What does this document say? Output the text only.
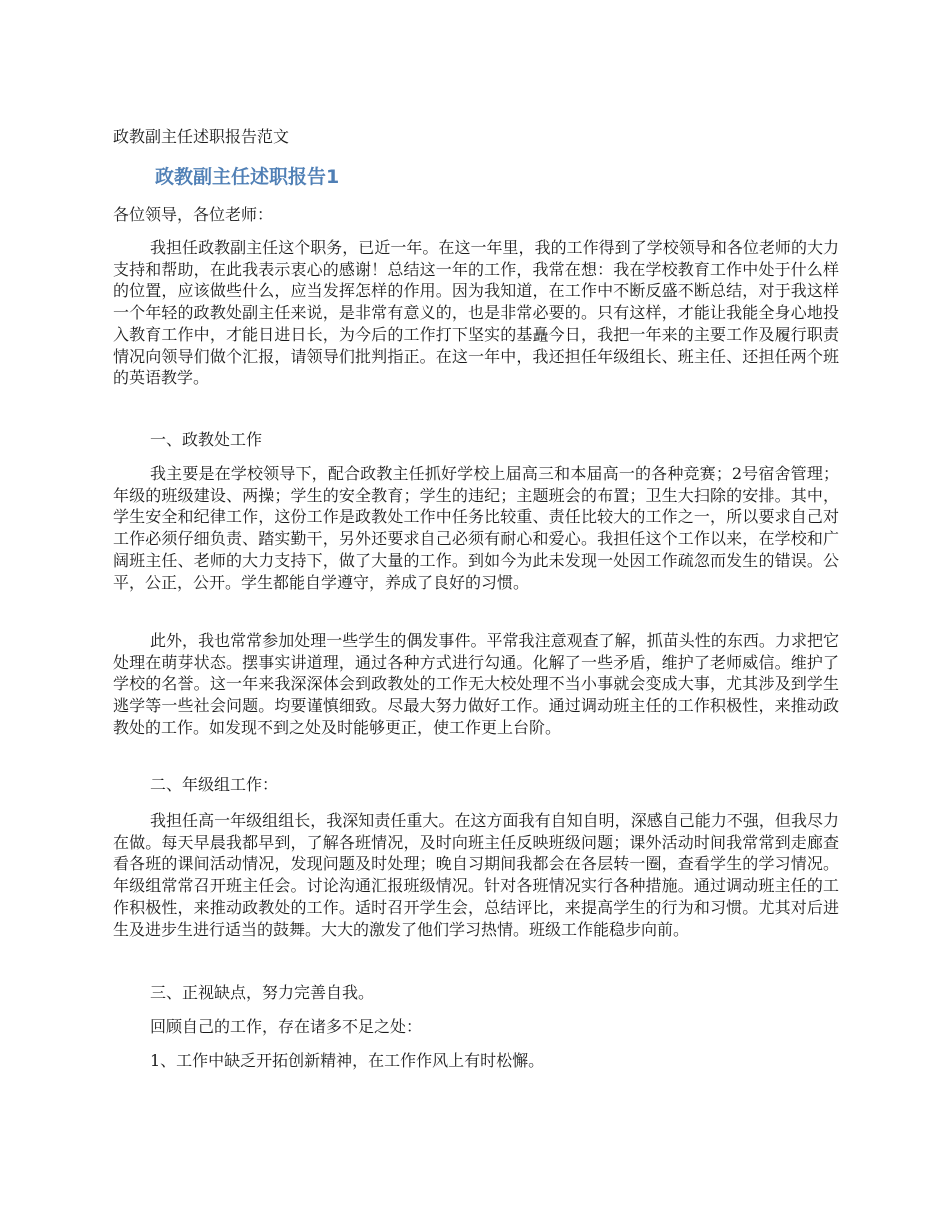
政教副主任述职报告范文
政教副主任述职报告1
各位领导，各位老师：

我担任政教副主任这个职务，已近一年。在这一年里，我的工作得到了学校领导和各位老师的大力支持和帮助，在此我表示衷心的感谢！总结这一年的工作，我常在想：我在学校教育工作中处于什么样的位置，应该做些什么，应当发挥怎样的作用。因为我知道，在工作中不断反盛不断总结，对于我这样一个年轻的政教处副主任来说，是非常有意义的，也是非常必要的。只有这样，才能让我能全身心地投入教育工作中，才能日进日长，为今后的工作打下坚实的基矗今日，我把一年来的主要工作及履行职责情况向领导们做个汇报，请领导们批判指正。在这一年中，我还担任年级组长、班主任、还担任两个班的英语教学。

一、政教处工作

我主要是在学校领导下，配合政教主任抓好学校上届高三和本届高一的各种竞赛；2号宿舍管理；年级的班级建设、两操；学生的安全教育；学生的违纪；主题班会的布置；卫生大扫除的安排。其中，学生安全和纪律工作，这份工作是政教处工作中任务比较重、责任比较大的工作之一，所以要求自己对工作必须仔细负责、踏实勤干，另外还要求自己必须有耐心和爱心。我担任这个工作以来，在学校和广阔班主任、老师的大力支持下，做了大量的工作。到如今为此未发现一处因工作疏忽而发生的错误。公平，公正，公开。学生都能自学遵守，养成了良好的习惯。

此外，我也常常参加处理一些学生的偶发事件。平常我注意观查了解，抓苗头性的东西。力求把它处理在萌芽状态。摆事实讲道理，通过各种方式进行勾通。化解了一些矛盾，维护了老师威信。维护了学校的名誉。这一年来我深深体会到政教处的工作无大校处理不当小事就会变成大事，尤其涉及到学生逃学等一些社会问题。均要谨慎细致。尽最大努力做好工作。通过调动班主任的工作积极性，来推动政教处的工作。如发现不到之处及时能够更正，使工作更上台阶。

二、年级组工作：

我担任高一年级组组长，我深知责任重大。在这方面我有自知自明，深感自己能力不强，但我尽力在做。每天早晨我都早到，了解各班情况，及时向班主任反映班级问题；课外活动时间我常常到走廊查看各班的课间活动情况，发现问题及时处理；晚自习期间我都会在各层转一圈，查看学生的学习情况。年级组常常召开班主任会。讨论沟通汇报班级情况。针对各班情况实行各种措施。通过调动班主任的工作积极性，来推动政教处的工作。适时召开学生会，总结评比，来提高学生的行为和习惯。尤其对后进生及进步生进行适当的鼓舞。大大的激发了他们学习热情。班级工作能稳步向前。

三、正视缺点，努力完善自我。
回顾自己的工作，存在诸多不足之处：
1、工作中缺乏开拓创新精神，在工作作风上有时松懈。
